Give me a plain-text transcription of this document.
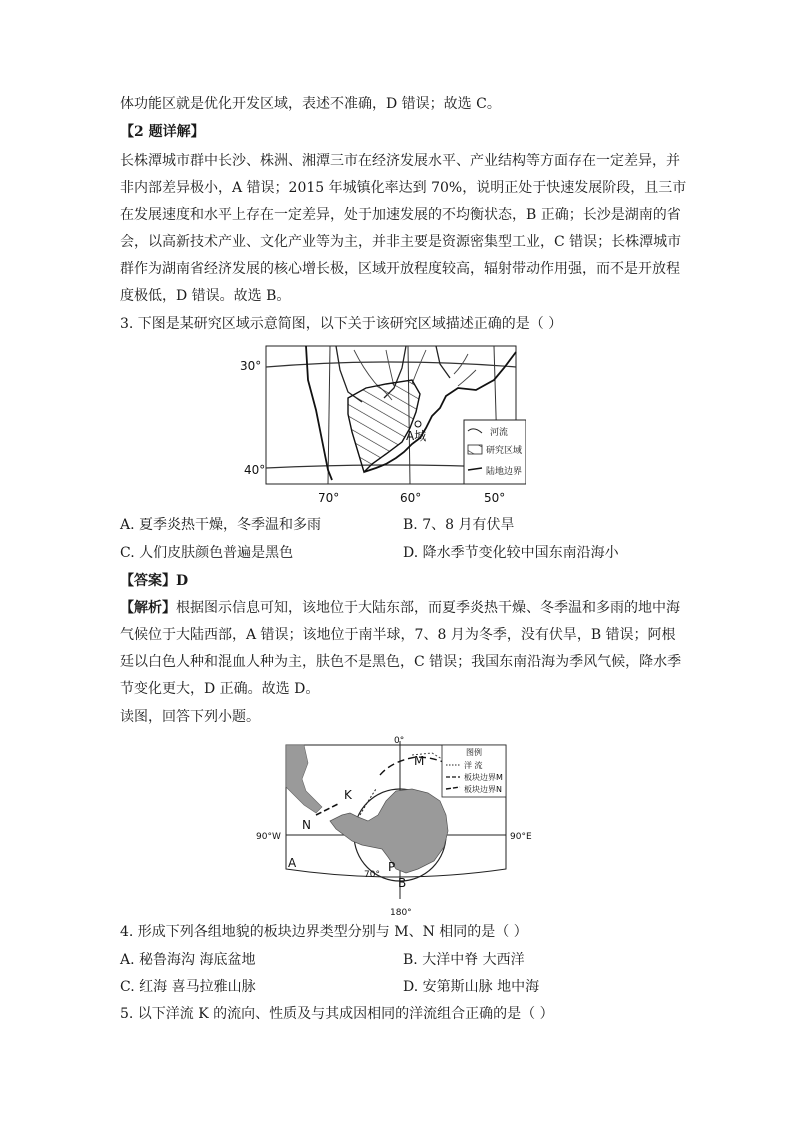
体功能区就是优化开发区域，表述不准确，D 错误；故选 C。
【2 题详解】
长株潭城市群中长沙、株洲、湘潭三市在经济发展水平、产业结构等方面存在一定差异，并
非内部差异极小，A 错误；2015 年城镇化率达到 70%，说明正处于快速发展阶段，且三市
在发展速度和水平上存在一定差异，处于加速发展的不均衡状态，B 正确；长沙是湖南的省
会，以高新技术产业、文化产业等为主，并非主要是资源密集型工业，C 错误；长株潭城市
群作为湖南省经济发展的核心增长极，区域开放程度较高，辐射带动作用强，而不是开放程
度极低，D 错误。故选 B。
3. 下图是某研究区域示意简图，以下关于该研究区域描述正确的是（ ）
A城
30°
40°
70°	60°	50°
河流
研究区域
陆地边界
A. 夏季炎热干燥，冬季温和多雨	B. 7、8 月有伏旱
C. 人们皮肤颜色普遍是黑色	D. 降水季节变化较中国东南沿海小
【答案】D
【解析】根据图示信息可知，该地位于大陆东部，而夏季炎热干燥、冬季温和多雨的地中海
气候位于大陆西部，A 错误；该地位于南半球，7、8 月为冬季，没有伏旱，B 错误；阿根
廷以白色人种和混血人种为主，肤色不是黑色，C 错误；我国东南沿海为季风气候，降水季
节变化更大，D 正确。故选 D。
读图，回答下列小题。
0°
90°W	90°E
180°
70°
M
K
N
A	P
B
图例
洋 流
板块边界M
板块边界N
4. 形成下列各组地貌的板块边界类型分别与 M、N 相同的是（ ）
A. 秘鲁海沟 海底盆地	B. 大洋中脊 大西洋
C. 红海 喜马拉雅山脉	D. 安第斯山脉 地中海
5. 以下洋流 K 的流向、性质及与其成因相同的洋流组合正确的是（ ）
